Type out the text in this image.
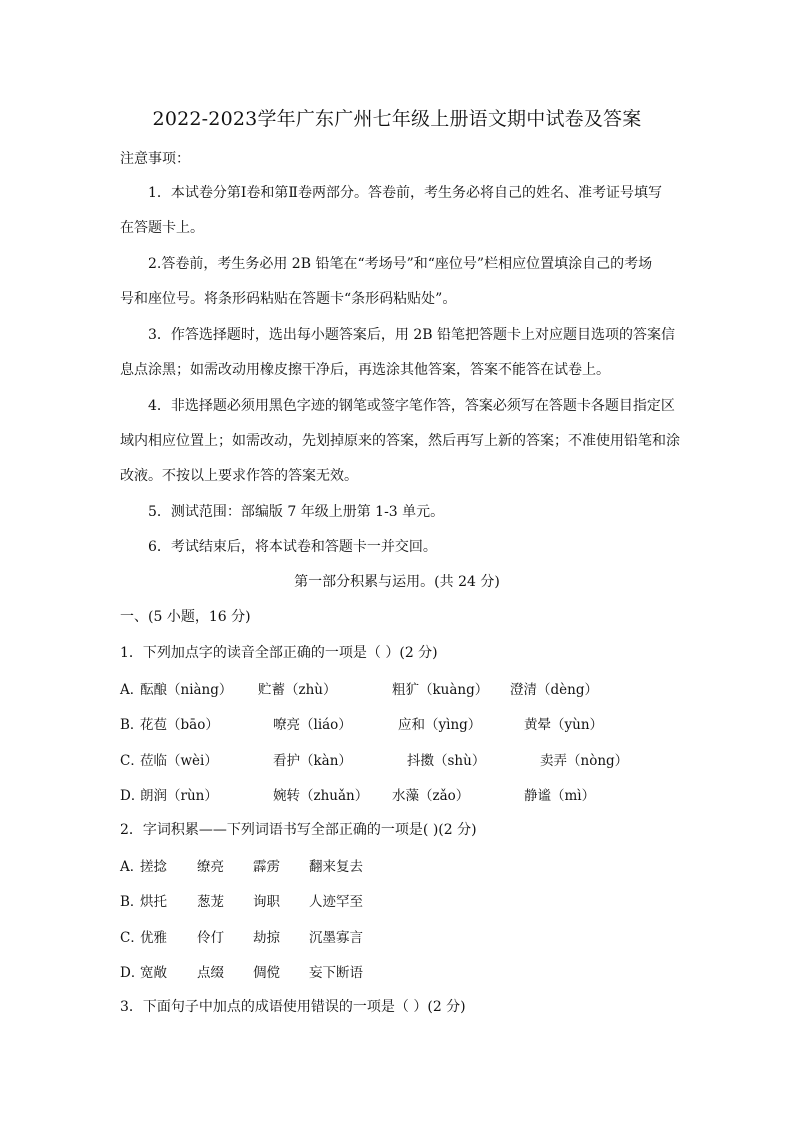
2022-2023学年广东广州七年级上册语文期中试卷及答案
注意事项：
1．本试卷分第Ⅰ卷和第Ⅱ卷两部分。答卷前，考生务必将自己的姓名、准考证号填写
在答题卡上。
2.答卷前，考生务必用 2B 铅笔在“考场号”和“座位号”栏相应位置填涂自己的考场
号和座位号。将条形码粘贴在答题卡“条形码粘贴处”。
3．作答选择题时，选出每小题答案后，用 2B 铅笔把答题卡上对应题目选项的答案信
息点涂黑；如需改动用橡皮擦干净后，再选涂其他答案，答案不能答在试卷上。
4．非选择题必须用黑色字迹的钢笔或签字笔作答，答案必须写在答题卡各题目指定区
域内相应位置上；如需改动，先划掉原来的答案，然后再写上新的答案；不准使用铅笔和涂
改液。不按以上要求作答的答案无效。
5．测试范围：部编版 7 年级上册第 1-3 单元。
6．考试结束后，将本试卷和答题卡一并交回。
第一部分积累与运用。(共 24 分)
一、(5 小题，16 分)
1．下列加点字的读音全部正确的一项是（ ）(2 分)
A．
酝酿（niàng） 贮蓄（zhù）	粗犷（kuàng） 澄清（dèng）
B．
花苞（bāo）	嘹亮（liáo）	应和（yìng）	黄晕（yùn）
C．
莅临（wèi）	看护（kàn）	抖擞（shù）	卖弄（nòng）
D．
朗润（rùn）	婉转（zhuǎn） 水藻（zǎo）	静谧（mì）
2．字词积累——下列词语书写全部正确的一项是( )(2 分)
A．
搓捻 缭亮 霹雳 翻来复去
B．
烘托 葱茏 询职 人迹罕至
C．
优雅 伶仃 劫掠 沉墨寡言
D．
宽敞 点缀 倜傥 妄下断语
3．下面句子中加点的成语使用错误的一项是（ ）(2 分)
